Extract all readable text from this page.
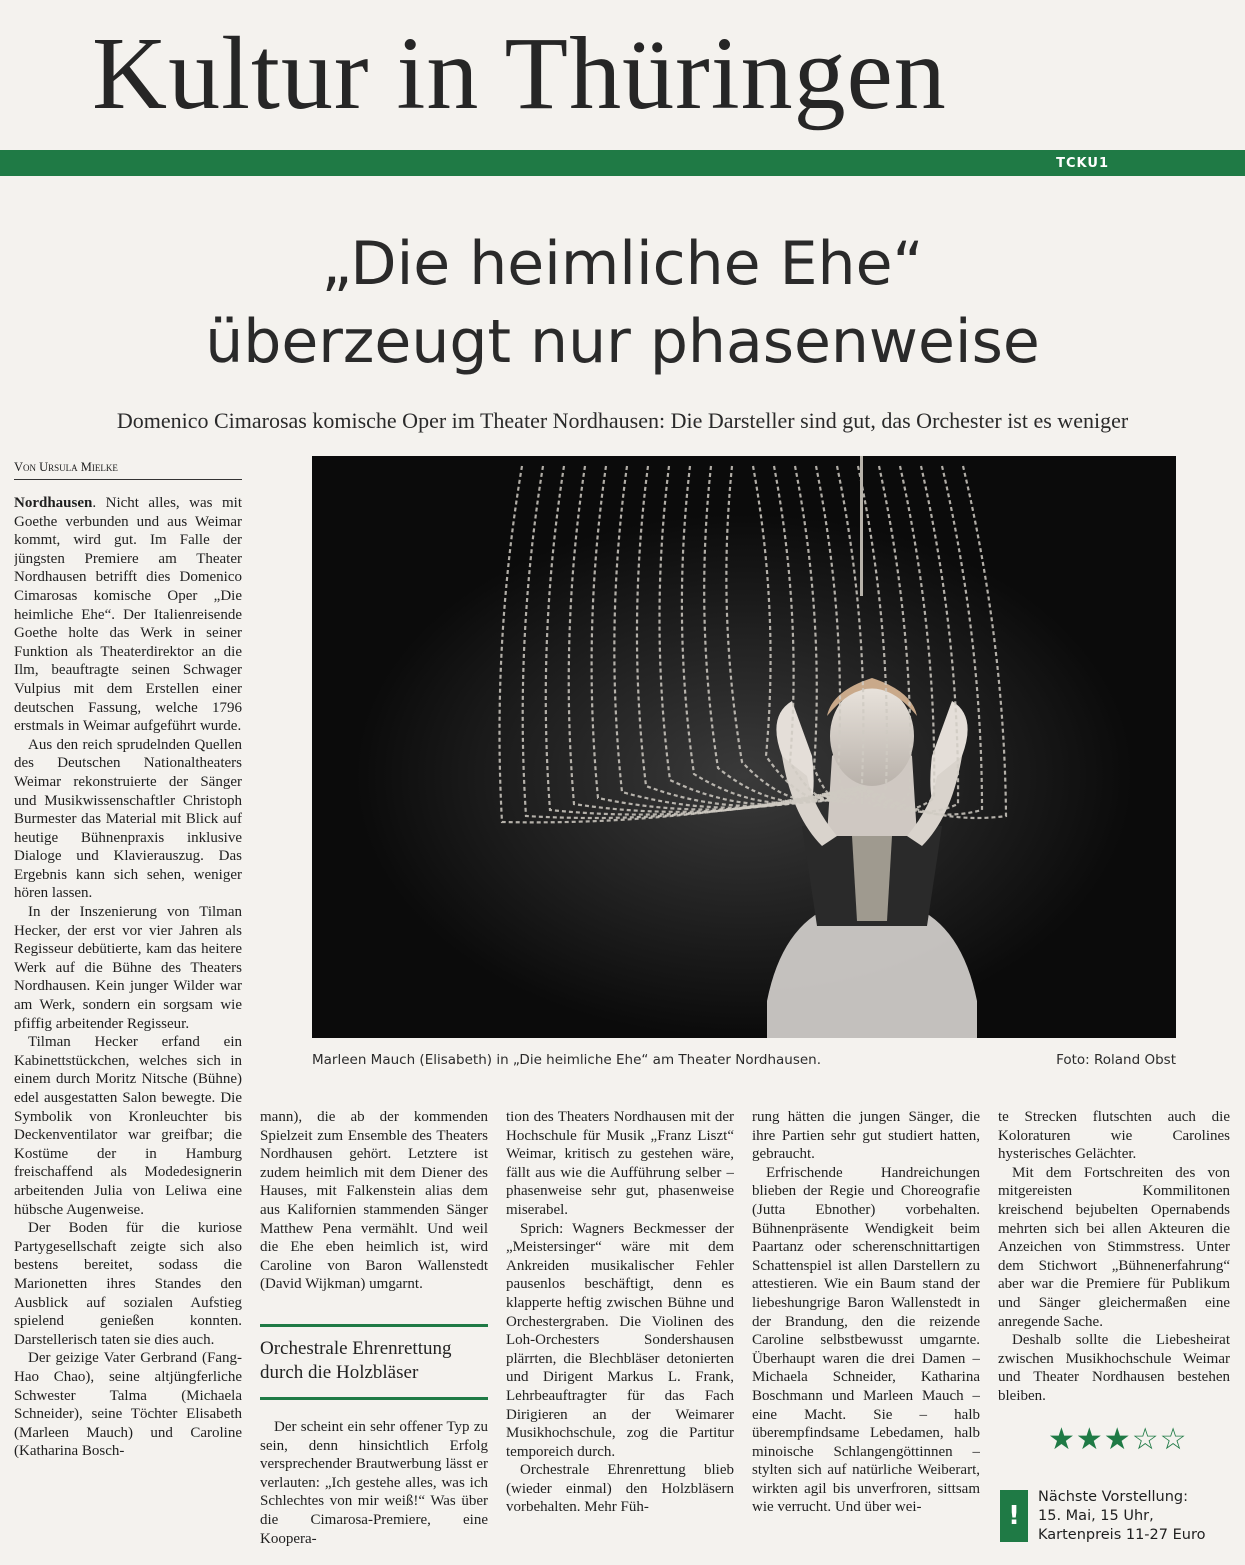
Kultur in Thüringen
TCKU1
„Die heimliche Ehe“
überzeugt nur phasenweise
Domenico Cimarosas komische Oper im Theater Nordhausen: Die Darsteller sind gut, das Orchester ist es weniger
Von Ursula Mielke

Nordhausen. Nicht alles, was mit Goethe verbunden und aus Weimar kommt, wird gut. Im Falle der jüngsten Premiere am Theater Nordhausen betrifft dies Domenico Cimarosas komische Oper „Die heimliche Ehe“. Der Italienreisende Goethe holte das Werk in seiner Funktion als Theaterdirektor an die Ilm, beauftragte seinen Schwager Vulpius mit dem Erstellen einer deutschen Fassung, welche 1796 erstmals in Weimar aufgeführt wurde.

Aus den reich sprudelnden Quellen des Deutschen Nationaltheaters Weimar rekonstruierte der Sänger und Musikwissenschaftler Christoph Burmester das Material mit Blick auf heutige Bühnenpraxis inklusive Dialoge und Klavierauszug. Das Ergebnis kann sich sehen, weniger hören lassen.

In der Inszenierung von Tilman Hecker, der erst vor vier Jahren als Regisseur debütierte, kam das heitere Werk auf die Bühne des Theaters Nordhausen. Kein junger Wilder war am Werk, sondern ein sorgsam wie pfiffig arbeitender Regisseur.

Tilman Hecker erfand ein Kabinettstückchen, welches sich in einem durch Moritz Nitsche (Bühne) edel ausgestatten Salon bewegte. Die Symbolik von Kronleuchter bis Deckenventilator war greifbar; die Kostüme der in Hamburg freischaffend als Modedesignerin arbeitenden Julia von Leliwa eine hübsche Augenweise.

Der Boden für die kuriose Partygesellschaft zeigte sich also bestens bereitet, sodass die Marionetten ihres Standes den Ausblick auf sozialen Aufstieg spielend genießen konnten. Darstellerisch taten sie dies auch.

Der geizige Vater Gerbrand (Fang-Hao Chao), seine altjüngferliche Schwester Talma (Michaela Schneider), seine Töchter Elisabeth (Marleen Mauch) und Caroline (Katharina Bosch-

Marleen Mauch (Elisabeth) in „Die heimliche Ehe“ am Theater Nordhausen.	Foto: Roland Obst

mann), die ab der kommenden Spielzeit zum Ensemble des Theaters Nordhausen gehört. Letztere ist zudem heimlich mit dem Diener des Hauses, mit Falkenstein alias dem aus Kalifornien stammenden Sänger Matthew Pena vermählt. Und weil die Ehe eben heimlich ist, wird Caroline von Baron Wallenstedt (David Wijkman) umgarnt.

Orchestrale Ehrenrettung durch die Holzbläser

Der scheint ein sehr offener Typ zu sein, denn hinsichtlich Erfolg versprechender Brautwerbung lässt er verlauten: „Ich gestehe alles, was ich Schlechtes von mir weiß!“ Was über die Cimarosa-Premiere, eine Koopera-

tion des Theaters Nordhausen mit der Hochschule für Musik „Franz Liszt“ Weimar, kritisch zu gestehen wäre, fällt aus wie die Aufführung selber – phasenweise sehr gut, phasenweise miserabel.

Sprich: Wagners Beckmesser der „Meistersinger“ wäre mit dem Ankreiden musikalischer Fehler pausenlos beschäftigt, denn es klapperte heftig zwischen Bühne und Orchestergraben. Die Violinen des Loh-Orchesters Sondershausen plärrten, die Blechbläser detonierten und Dirigent Markus L. Frank, Lehrbeauftragter für das Fach Dirigieren an der Weimarer Musikhochschule, zog die Partitur temporeich durch.

Orchestrale Ehrenrettung blieb (wieder einmal) den Holzbläsern vorbehalten. Mehr Füh-

rung hätten die jungen Sänger, die ihre Partien sehr gut studiert hatten, gebraucht.

Erfrischende Handreichungen blieben der Regie und Choreografie (Jutta Ebnother) vorbehalten. Bühnenpräsente Wendigkeit beim Paartanz oder scherenschnittartigen Schattenspiel ist allen Darstellern zu attestieren. Wie ein Baum stand der liebeshungrige Baron Wallenstedt in der Brandung, den die reizende Caroline selbstbewusst umgarnte. Überhaupt waren die drei Damen – Michaela Schneider, Katharina Boschmann und Marleen Mauch – eine Macht. Sie – halb überempfindsame Lebedamen, halb minoische Schlangengöttinnen – stylten sich auf natürliche Weiberart, wirkten agil bis unverfroren, sittsam wie verrucht. Und über wei-

te Strecken flutschten auch die Koloraturen wie Carolines hysterisches Gelächter.

Mit dem Fortschreiten des von mitgereisten Kommilitonen kreischend bejubelten Opernabends mehrten sich bei allen Akteuren die Anzeichen von Stimmstress. Unter dem Stichwort „Bühnenerfahrung“ aber war die Premiere für Publikum und Sänger gleichermaßen eine anregende Sache.

Deshalb sollte die Liebesheirat zwischen Musikhochschule Weimar und Theater Nordhausen bestehen bleiben.

★★★☆☆
!
Nächste Vorstellung:
15. Mai, 15 Uhr,
Kartenpreis 11-27 Euro
